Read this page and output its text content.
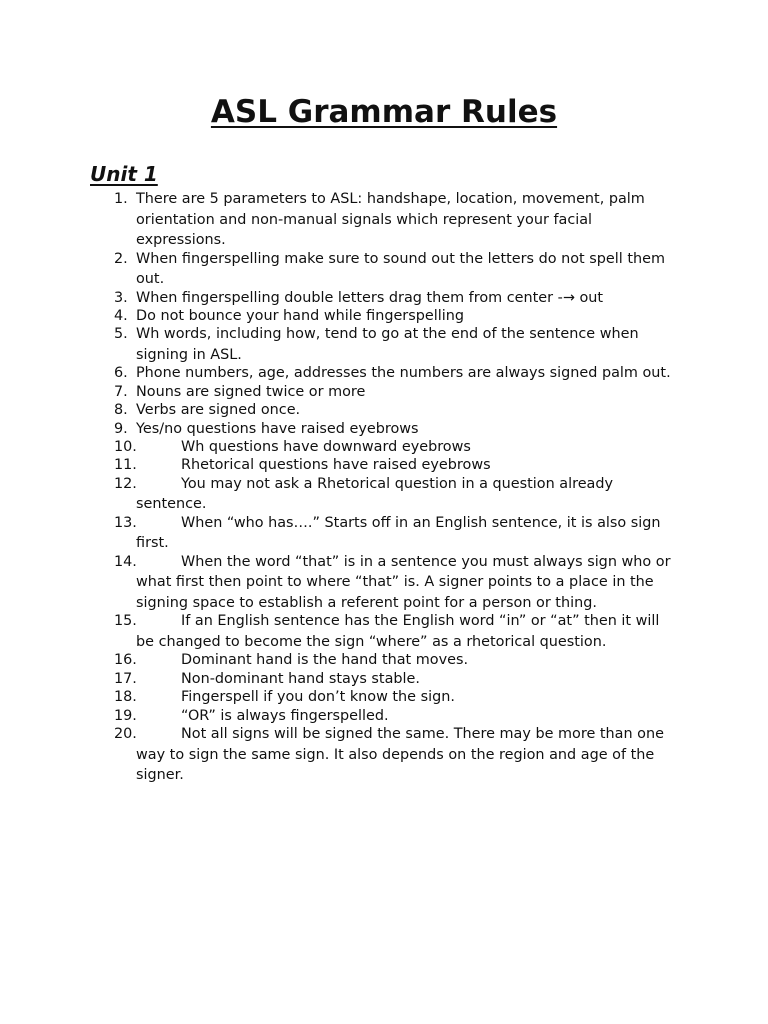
ASL Grammar Rules
Unit 1
1. There are 5 parameters to ASL: handshape, location, movement, palm orientation and non-manual signals which represent your facial expressions.
2. When fingerspelling make sure to sound out the letters do not spell them out.
3. When fingerspelling double letters drag them from center -→ out
4. Do not bounce your hand while fingerspelling
5. Wh words, including how, tend to go at the end of the sentence when signing in ASL.
6. Phone numbers, age, addresses the numbers are always signed palm out.
7. Nouns are signed twice or more
8. Verbs are signed once.
9. Yes/no questions have raised eyebrows
10.	Wh questions have downward eyebrows
11.	Rhetorical questions have raised eyebrows
12.	You may not ask a Rhetorical question in a question already sentence.
13.	When “who has….” Starts off in an English sentence, it is also sign first.
14.	When the word “that” is in a sentence you must always sign who or what first then point to where “that” is. A signer points to a place in the signing space to establish a referent point for a person or thing.
15.	If an English sentence has the English word “in” or “at” then it will be changed to become the sign “where” as a rhetorical question.
16.	Dominant hand is the hand that moves.
17.	Non-dominant hand stays stable.
18.	Fingerspell if you don’t know the sign.
19.	“OR” is always fingerspelled.
20.	Not all signs will be signed the same. There may be more than one way to sign the same sign. It also depends on the region and age of the signer.
